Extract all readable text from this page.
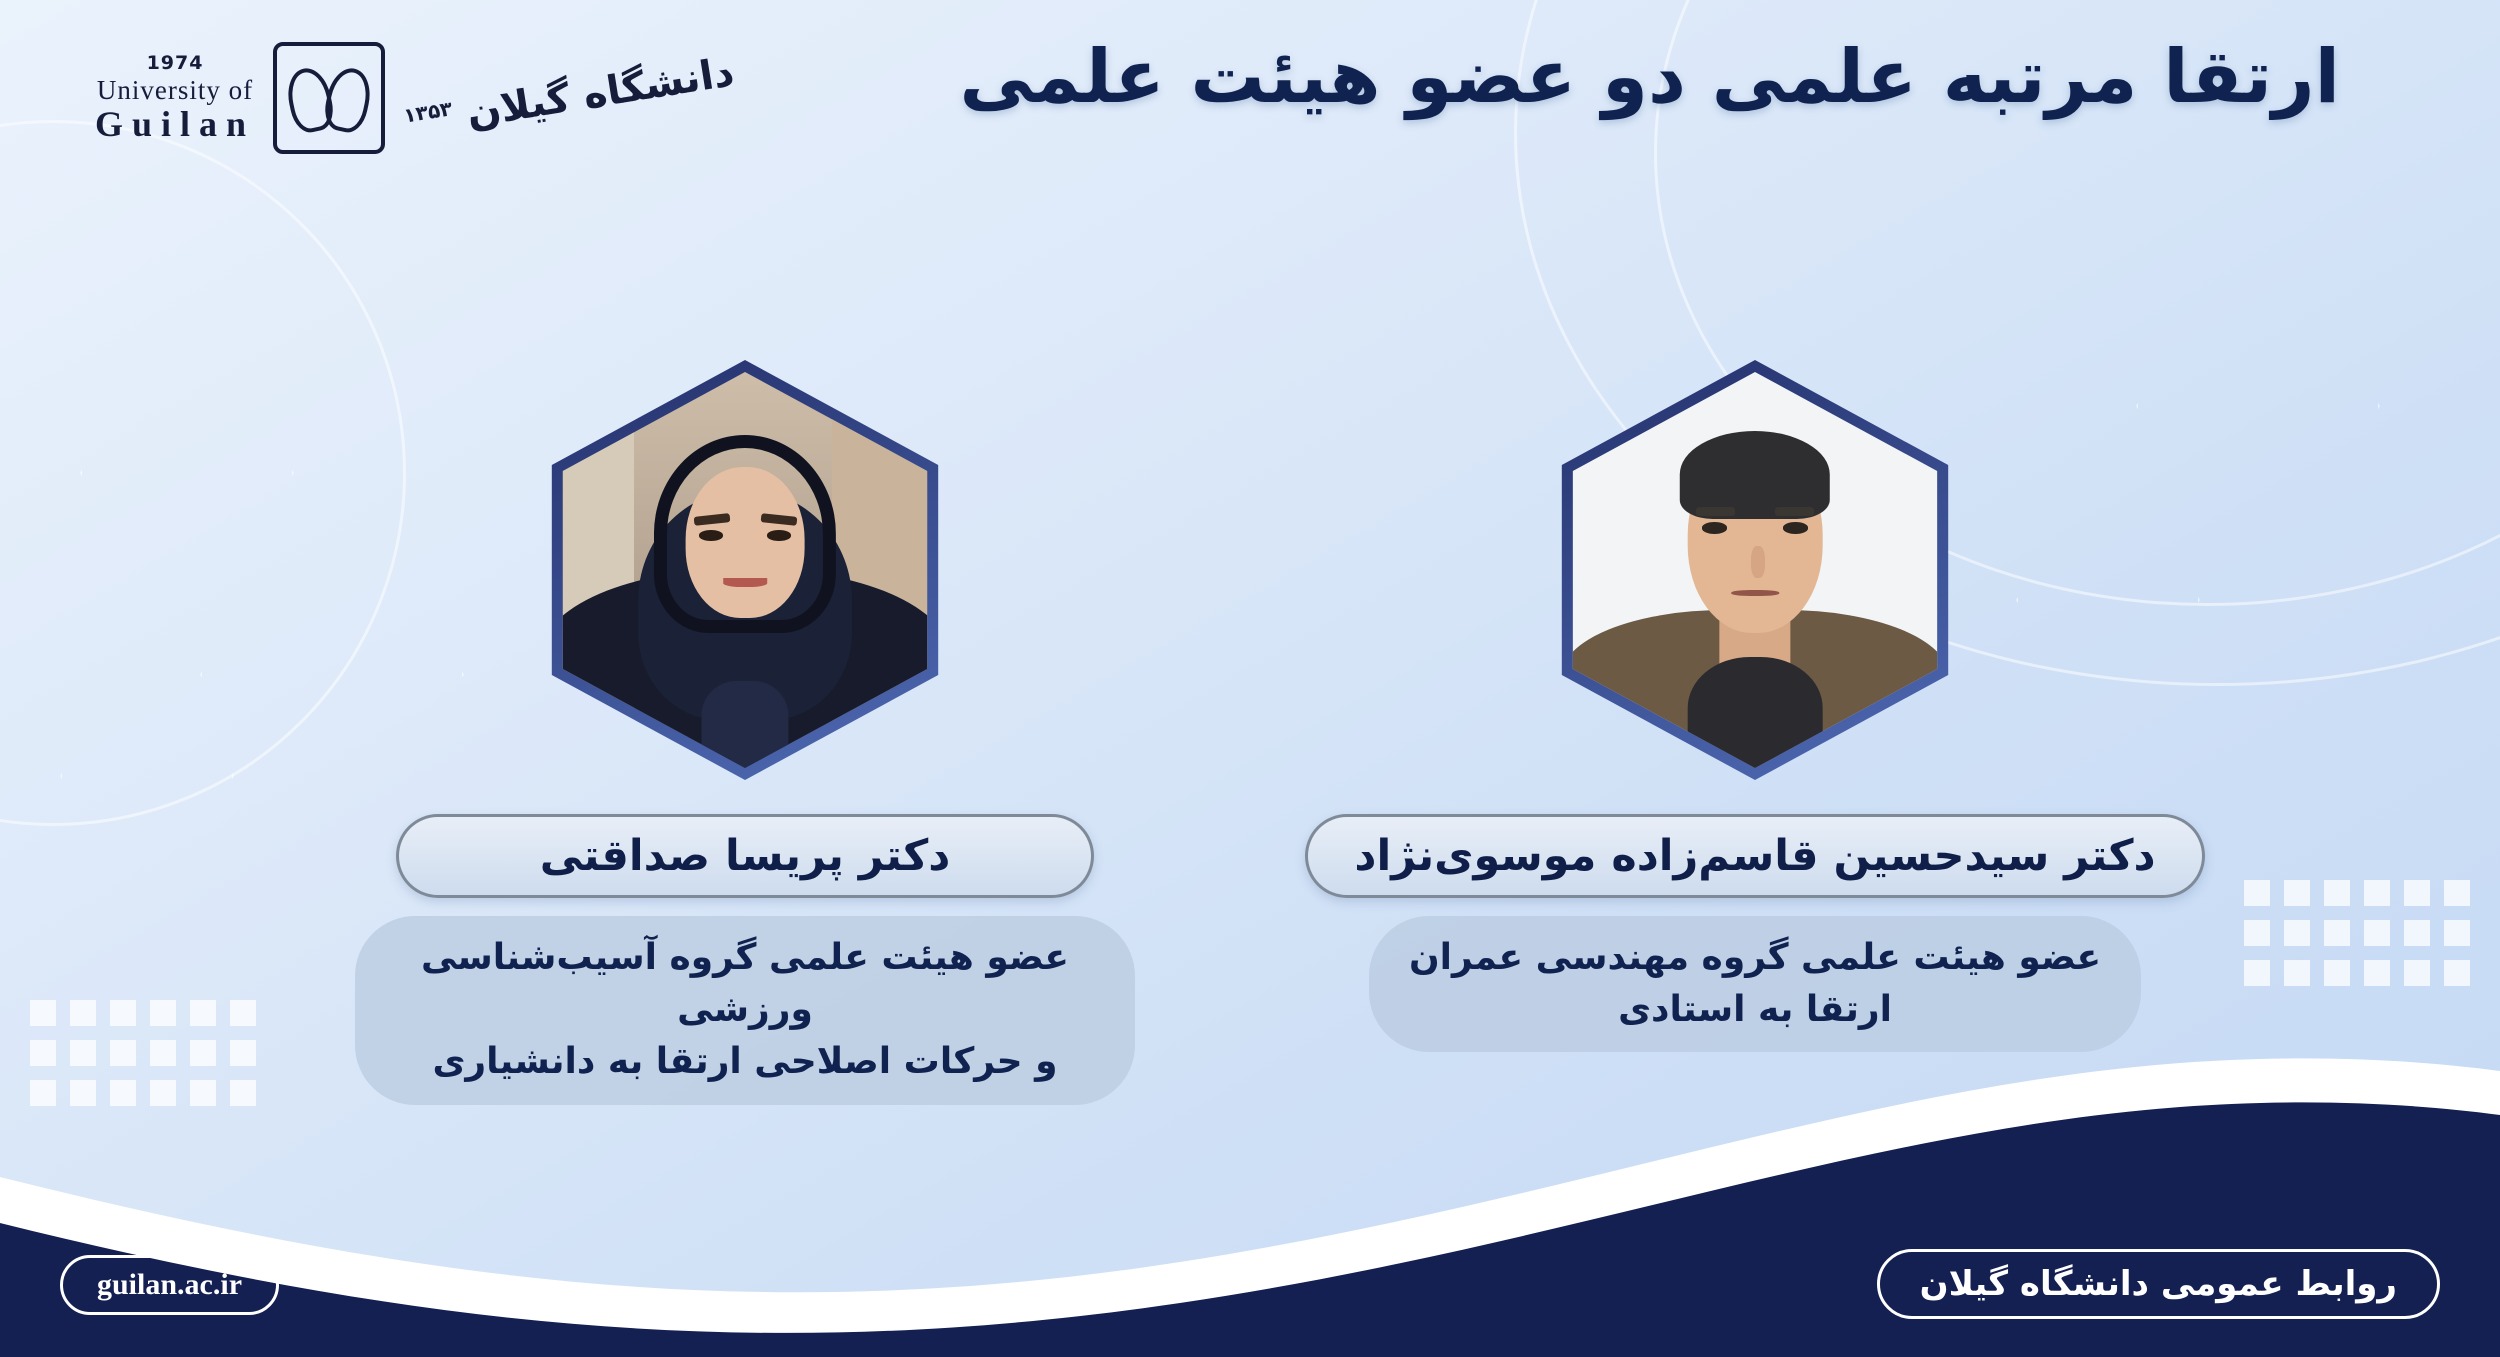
1974
University of
Guilan	$^{۱۳۵۳}$ دانشگاه گیلان	ارتقا مرتبه علمی دو عضو هیئت علمی
دکتر سیدحسین قاسم‌زاده موسوی‌نژاد
عضو هیئت علمی گروه مهندسی عمران
ارتقا به استادی
دکتر پریسا صداقتی
عضو هیئت علمی گروه آسیب‌شناسی ورزشی
و حرکات اصلاحی ارتقا به دانشیاری
guilan.ac.ir	روابط عمومی دانشگاه گیلان
